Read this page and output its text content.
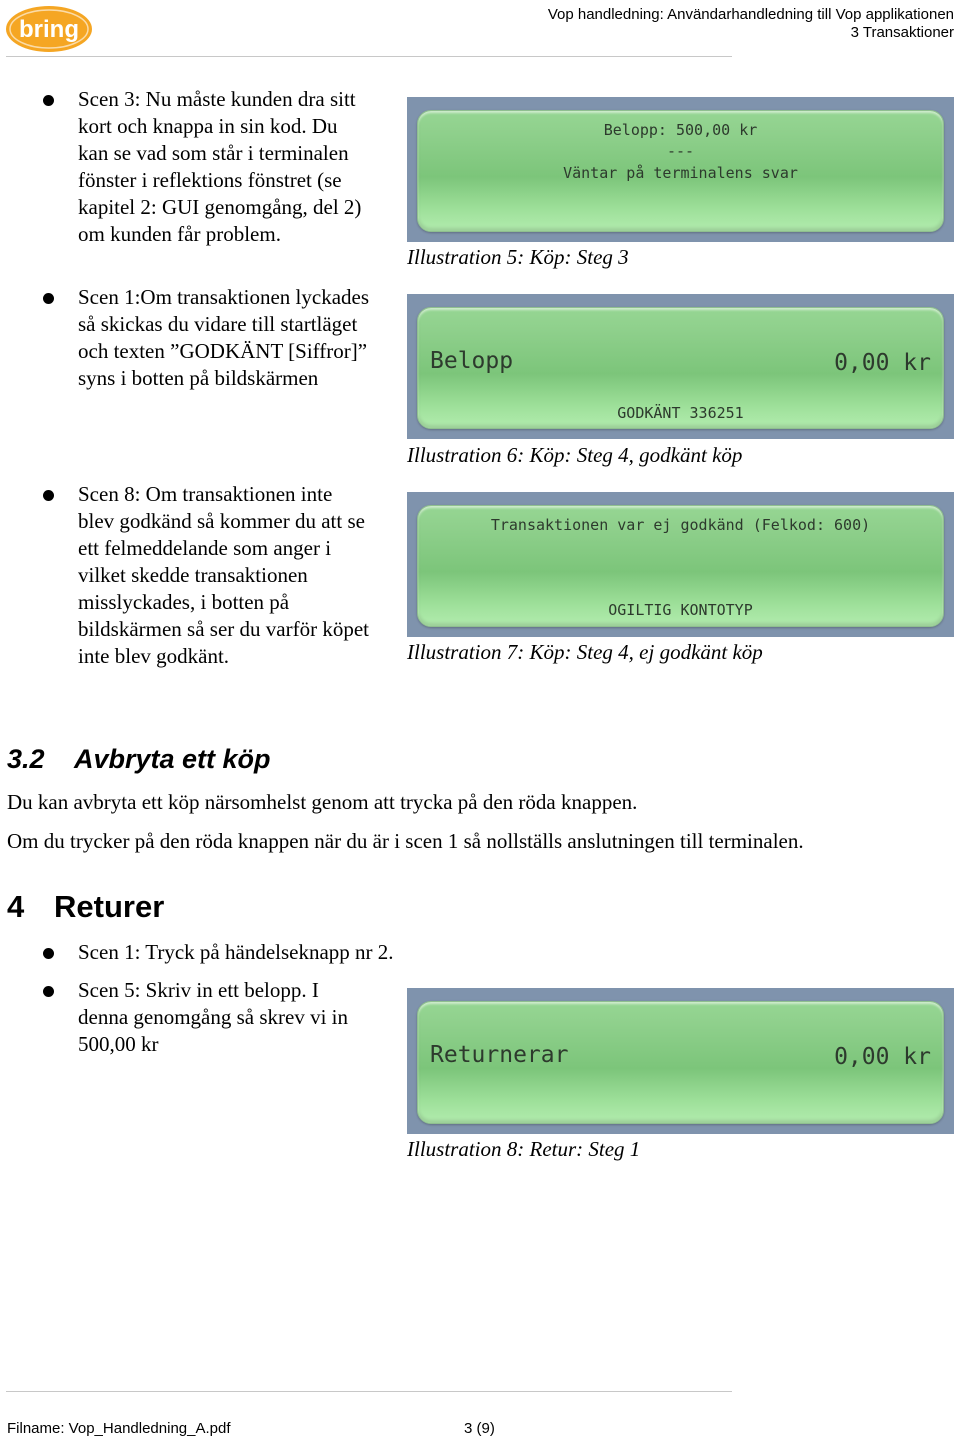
bring
Vop handledning: Användarhandledning till Vop applikationen
3 Transaktioner
Scen 3: Nu måste kunden dra sitt
kort och knappa in sin kod. Du
kan se vad som står i terminalen
fönster i reflektions fönstret (se
kapitel 2: GUI genomgång, del 2)
om kunden får problem.
Scen 1:Om transaktionen lyckades
så skickas du vidare till startläget
och texten ”GODKÄNT [Siffror]”
syns i botten på bildskärmen
Scen 8: Om transaktionen inte
blev godkänd så kommer du att se
ett felmeddelande som anger i
vilket skedde transaktionen
misslyckades, i botten på
bildskärmen så ser du varför köpet
inte blev godkänt.
Belopp: 500,00 kr
---
Väntar på terminalens svar
Illustration 5: Köp: Steg 3
Belopp	0,00 kr
GODKÄNT 336251
Illustration 6: Köp: Steg 4, godkänt köp
Transaktionen var ej godkänd (Felkod: 600)
OGILTIG KONTOTYP
Illustration 7: Köp: Steg 4, ej godkänt köp
3.2 Avbryta ett köp
Du kan avbryta ett köp närsomhelst genom att trycka på den röda knappen.
Om du trycker på den röda knappen när du är i scen 1 så nollställs anslutningen till terminalen.
4 Returer
Scen 1: Tryck på händelseknapp nr 2.
Scen 5: Skriv in ett belopp. I
denna genomgång så skrev vi in
500,00 kr	Returnerar	0,00 kr
Illustration 8: Retur: Steg 1
Filname: Vop_Handledning_A.pdf	3 (9)
